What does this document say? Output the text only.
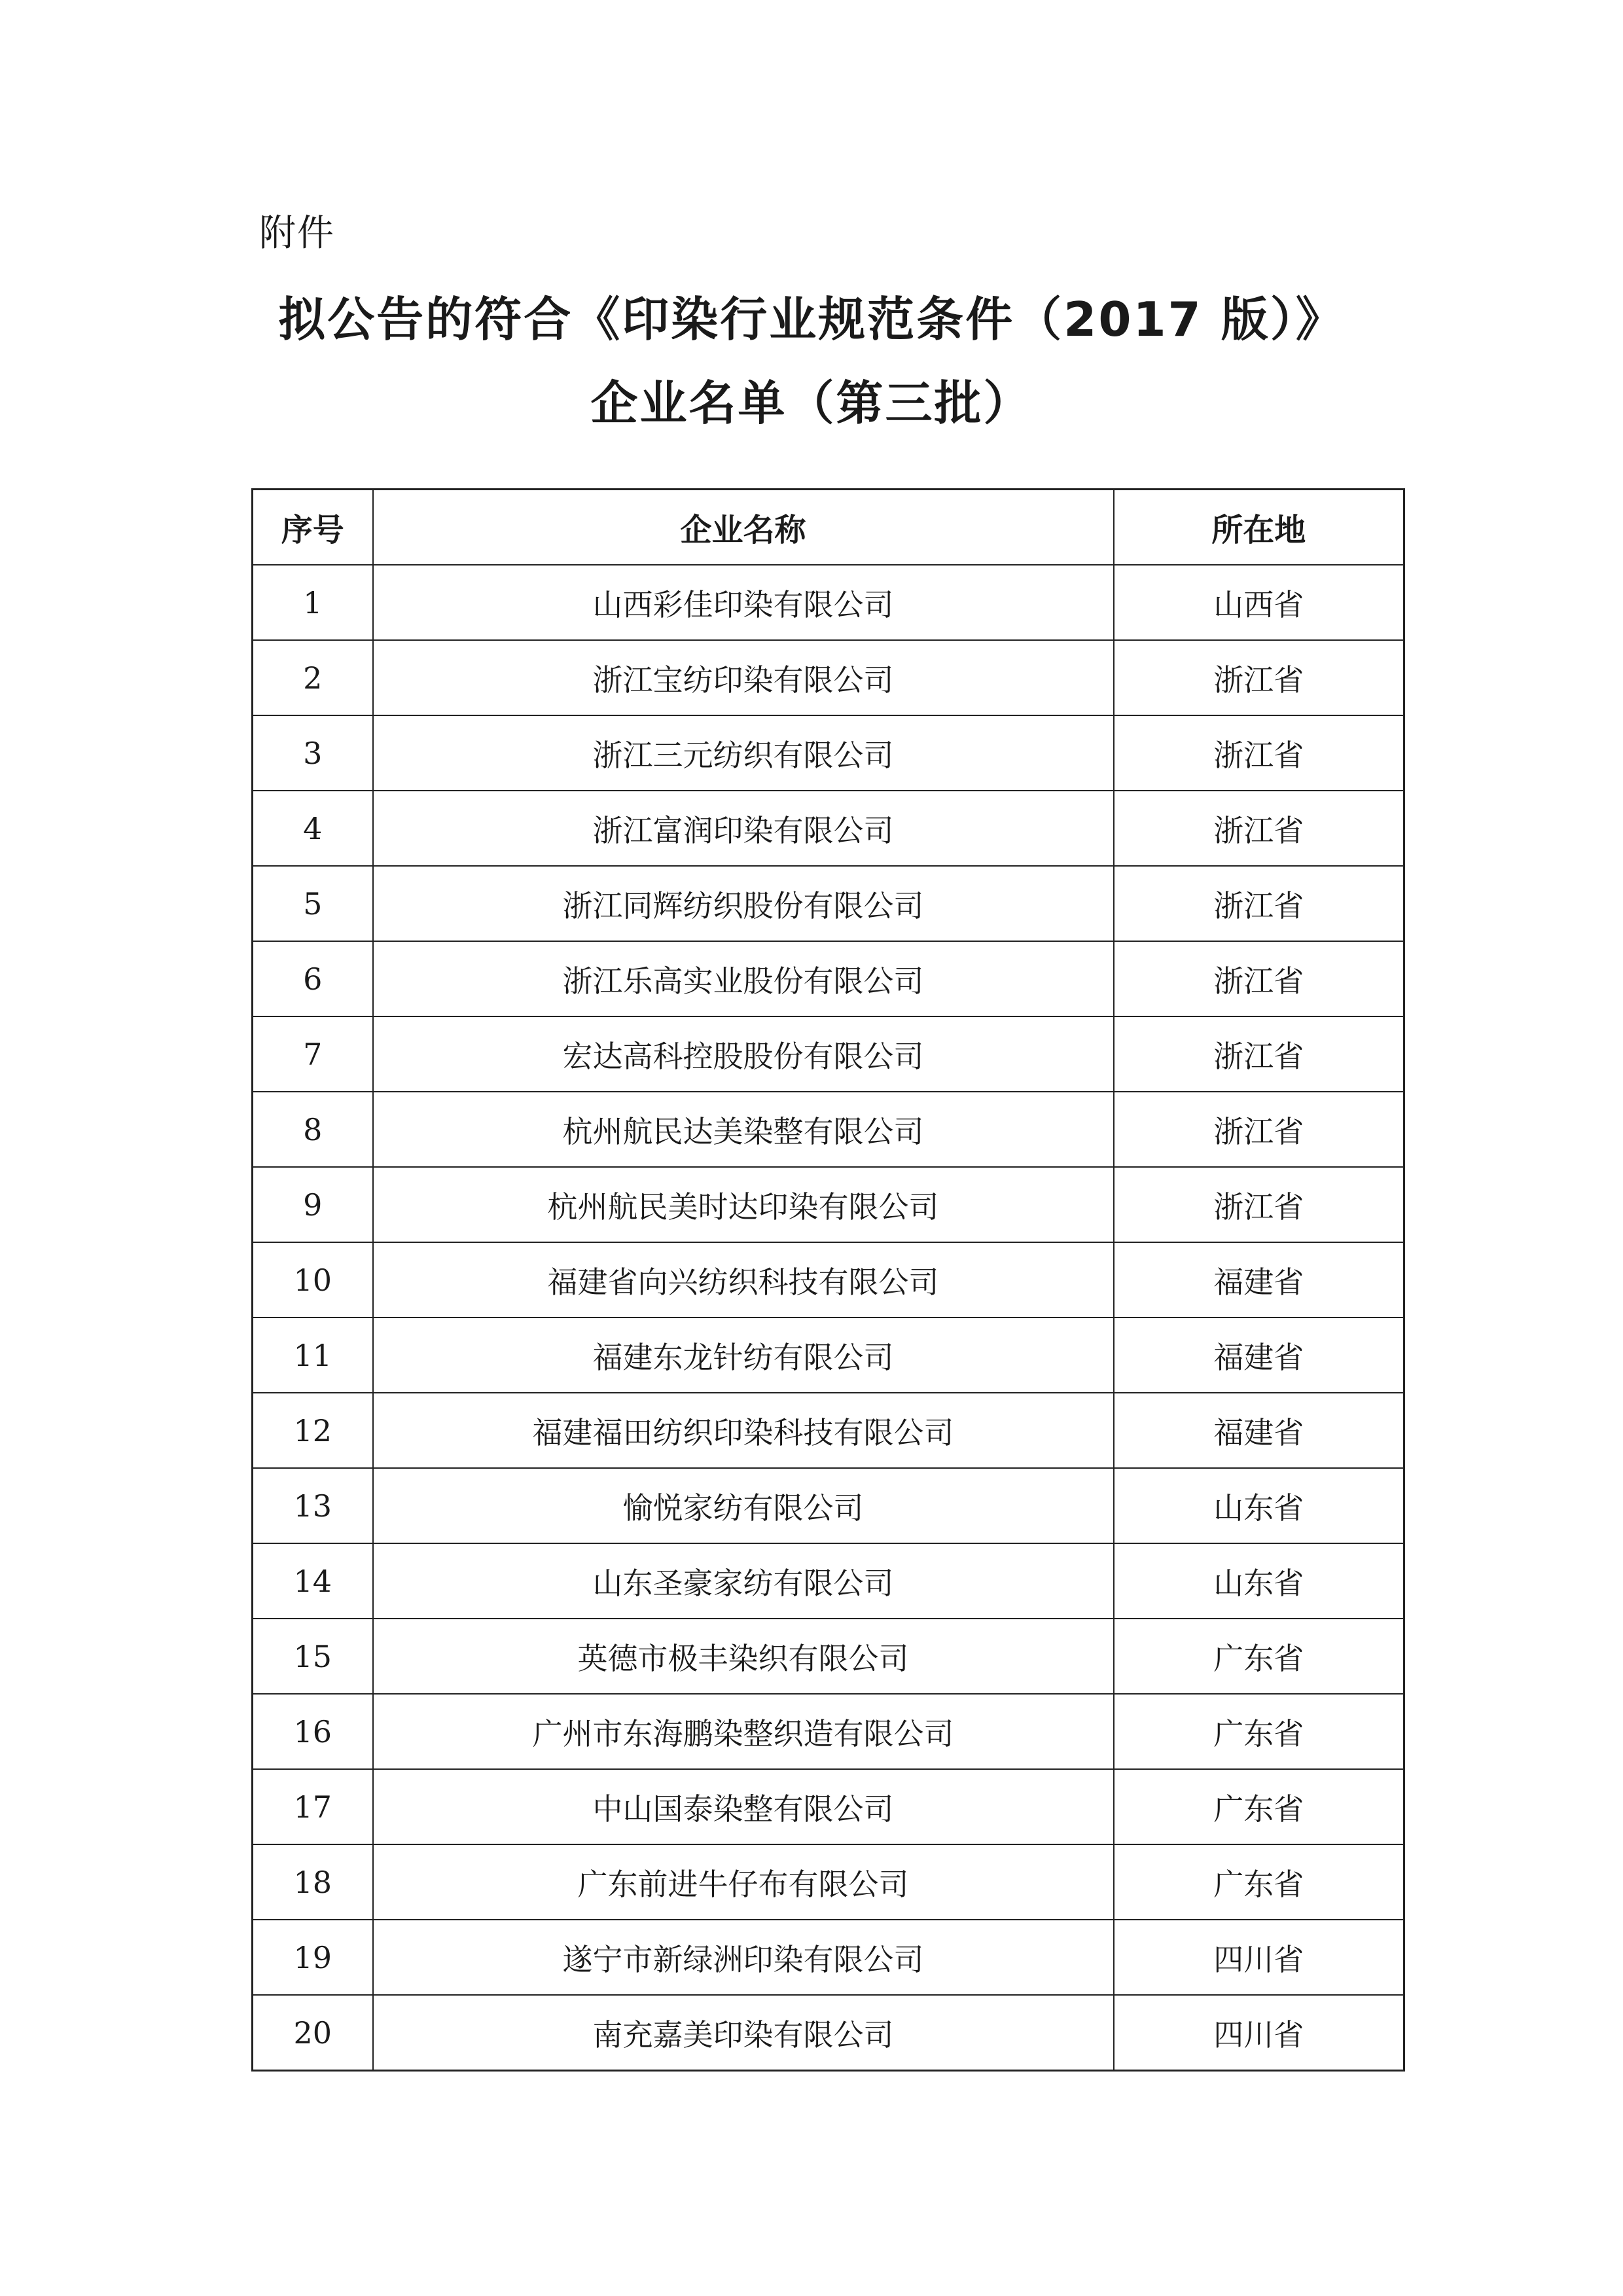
附件
拟公告的符合《印染行业规范条件（2017 版）》
企业名单（第三批）
序号	企业名称	所在地
1	山西彩佳印染有限公司	山西省
2	浙江宝纺印染有限公司	浙江省
3	浙江三元纺织有限公司	浙江省
4	浙江富润印染有限公司	浙江省
5	浙江同辉纺织股份有限公司	浙江省
6	浙江乐高实业股份有限公司	浙江省
7	宏达高科控股股份有限公司	浙江省
8	杭州航民达美染整有限公司	浙江省
9	杭州航民美时达印染有限公司	浙江省
10	福建省向兴纺织科技有限公司	福建省
11	福建东龙针纺有限公司	福建省
12	福建福田纺织印染科技有限公司	福建省
13	愉悦家纺有限公司	山东省
14	山东圣豪家纺有限公司	山东省
15	英德市极丰染织有限公司	广东省
16	广州市东海鹏染整织造有限公司	广东省
17	中山国泰染整有限公司	广东省
18	广东前进牛仔布有限公司	广东省
19	遂宁市新绿洲印染有限公司	四川省
20	南充嘉美印染有限公司	四川省
